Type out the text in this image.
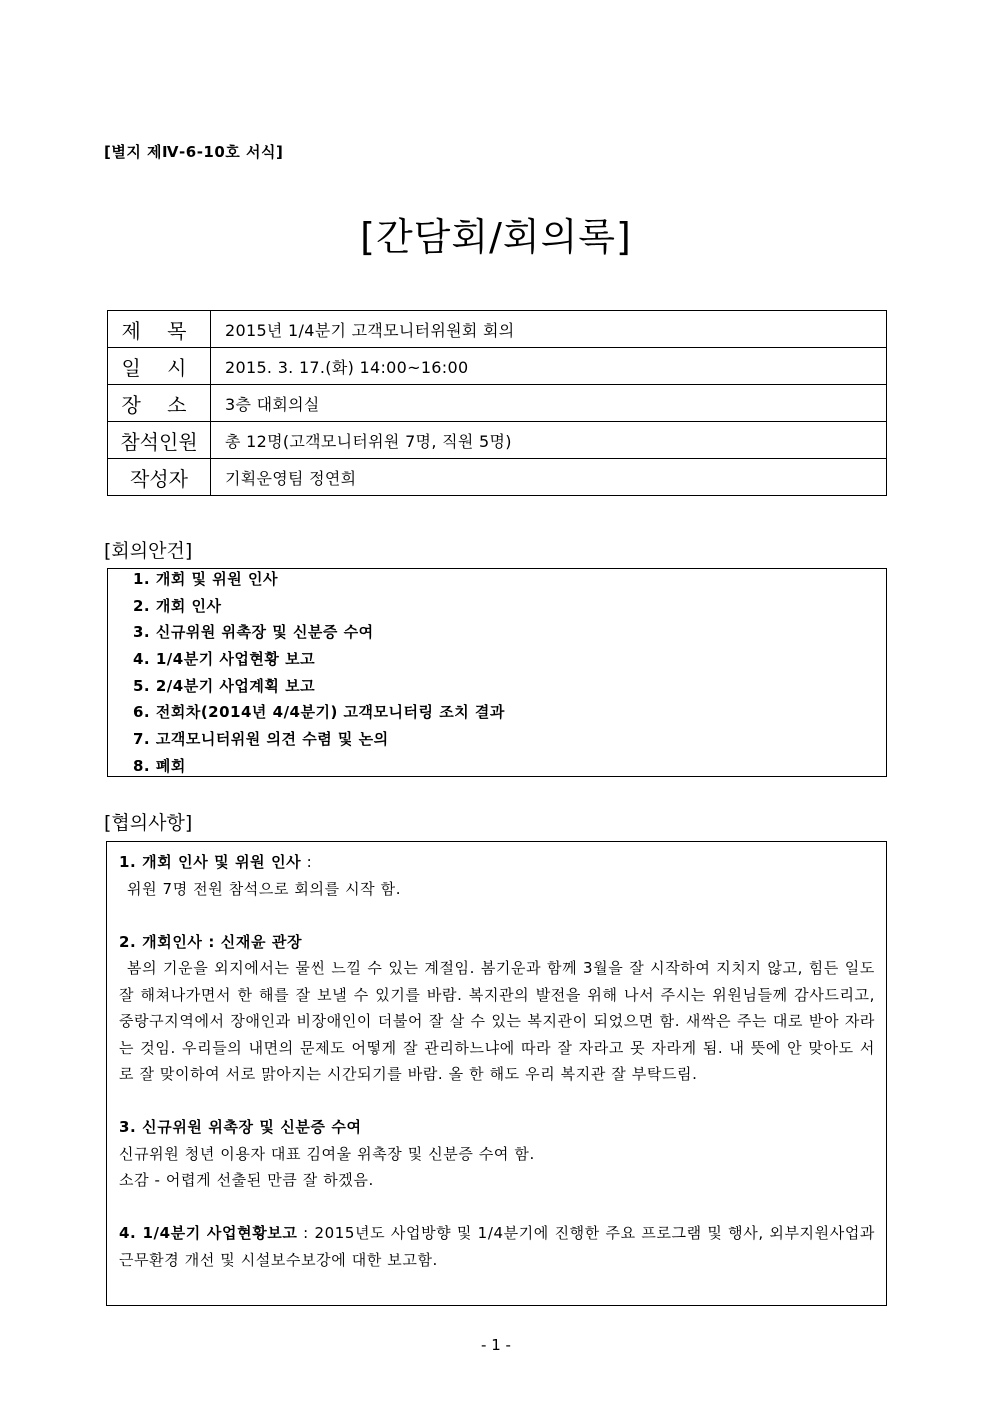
[별지 제Ⅳ-6-10호 서식]
[간담회/회의록]
제 목	2015년 1/4분기 고객모니터위원회 회의
일 시	2015. 3. 17.(화) 14:00~16:00
장 소	3층 대회의실
참석인원	총 12명(고객모니터위원 7명, 직원 5명)
작성자	기획운영팀 정연희
[회의안건]
1. 개회 및 위원 인사
2. 개회 인사
3. 신규위원 위촉장 및 신분증 수여
4. 1/4분기 사업현황 보고
5. 2/4분기 사업계획 보고
6. 전회차(2014년 4/4분기) 고객모니터링 조치 결과
7. 고객모니터위원 의견 수렴 및 논의
8. 폐회
[협의사항]

1. 개회 인사 및 위원 인사 :

위원 7명 전원 참석으로 회의를 시작 함.

2. 개회인사 : 신재윤 관장

봄의 기운을 외지에서는 물씬 느낄 수 있는 계절임. 봄기운과 함께 3월을 잘 시작하여 지치지 않고, 힘든 일도 잘 해쳐나가면서 한 해를 잘 보낼 수 있기를 바람. 복지관의 발전을 위해 나서 주시는 위원님들께 감사드리고, 중랑구지역에서 장애인과 비장애인이 더불어 잘 살 수 있는 복지관이 되었으면 함. 새싹은 주는 대로 받아 자라는 것임. 우리들의 내면의 문제도 어떻게 잘 관리하느냐에 따라 잘 자라고 못 자라게 됨. 내 뜻에 안 맞아도 서로 잘 맞이하여 서로 맑아지는 시간되기를 바람. 올 한 해도 우리 복지관 잘 부탁드림.

3. 신규위원 위촉장 및 신분증 수여

신규위원 청년 이용자 대표 김여울 위촉장 및 신분증 수여 함.

소감 - 어렵게 선출된 만큼 잘 하겠음.

4. 1/4분기 사업현황보고 : 2015년도 사업방향 및 1/4분기에 진행한 주요 프로그램 및 행사, 외부지원사업과 근무환경 개선 및 시설보수보강에 대한 보고함.

- 1 -
